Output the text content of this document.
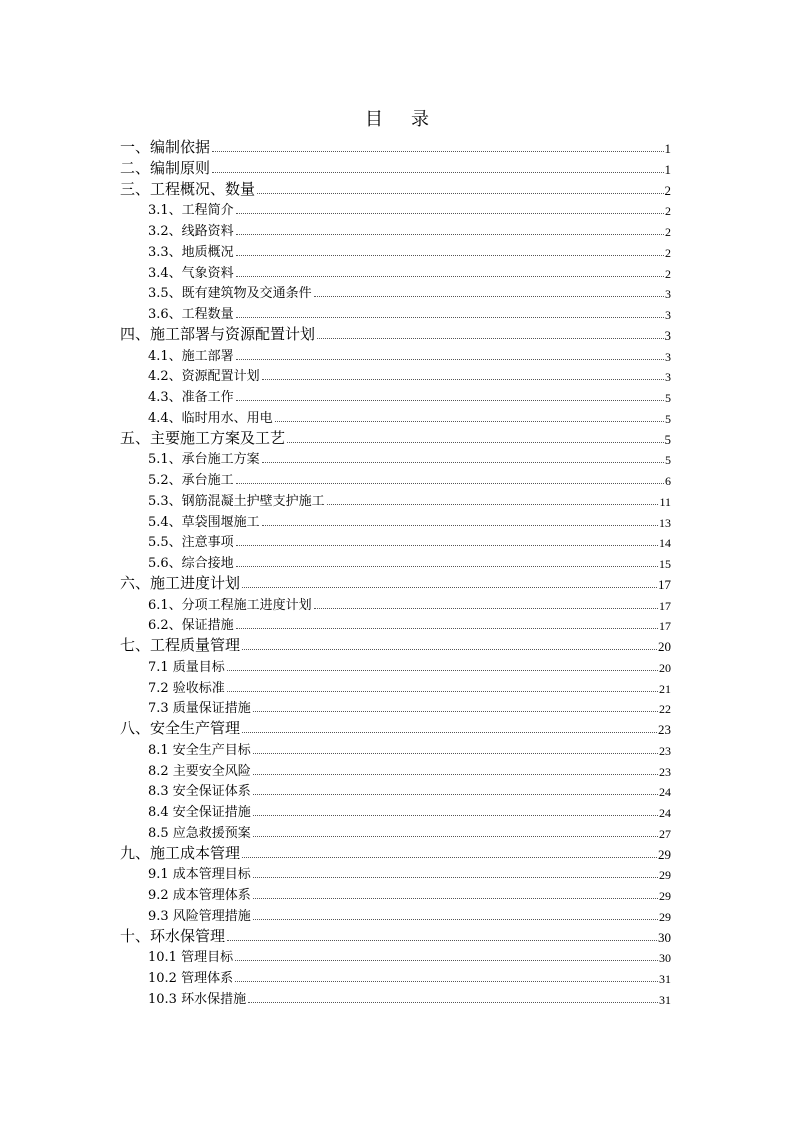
目 录
一、编制依据	1
二、编制原则	1
三、工程概况、数量	2
3.1、工程简介	2
3.2、线路资料	2
3.3、地质概况	2
3.4、气象资料	2
3.5、既有建筑物及交通条件	3
3.6、工程数量	3
四、施工部署与资源配置计划	3
4.1、施工部署	3
4.2、资源配置计划	3
4.3、准备工作	5
4.4、临时用水、用电	5
五、主要施工方案及工艺	5
5.1、承台施工方案	5
5.2、承台施工	6
5.3、钢筋混凝土护壁支护施工	11
5.4、草袋围堰施工	13
5.5、注意事项	14
5.6、综合接地	15
六、施工进度计划	17
6.1、分项工程施工进度计划	17
6.2、保证措施	17
七、工程质量管理	20
7.1 质量目标	20
7.2 验收标准	21
7.3 质量保证措施	22
八、安全生产管理	23
8.1 安全生产目标	23
8.2 主要安全风险	23
8.3 安全保证体系	24
8.4 安全保证措施	24
8.5 应急救援预案	27
九、施工成本管理	29
9.1 成本管理目标	29
9.2 成本管理体系	29
9.3 风险管理措施	29
十、环水保管理	30
10.1 管理目标	30
10.2 管理体系	31
10.3 环水保措施	31
